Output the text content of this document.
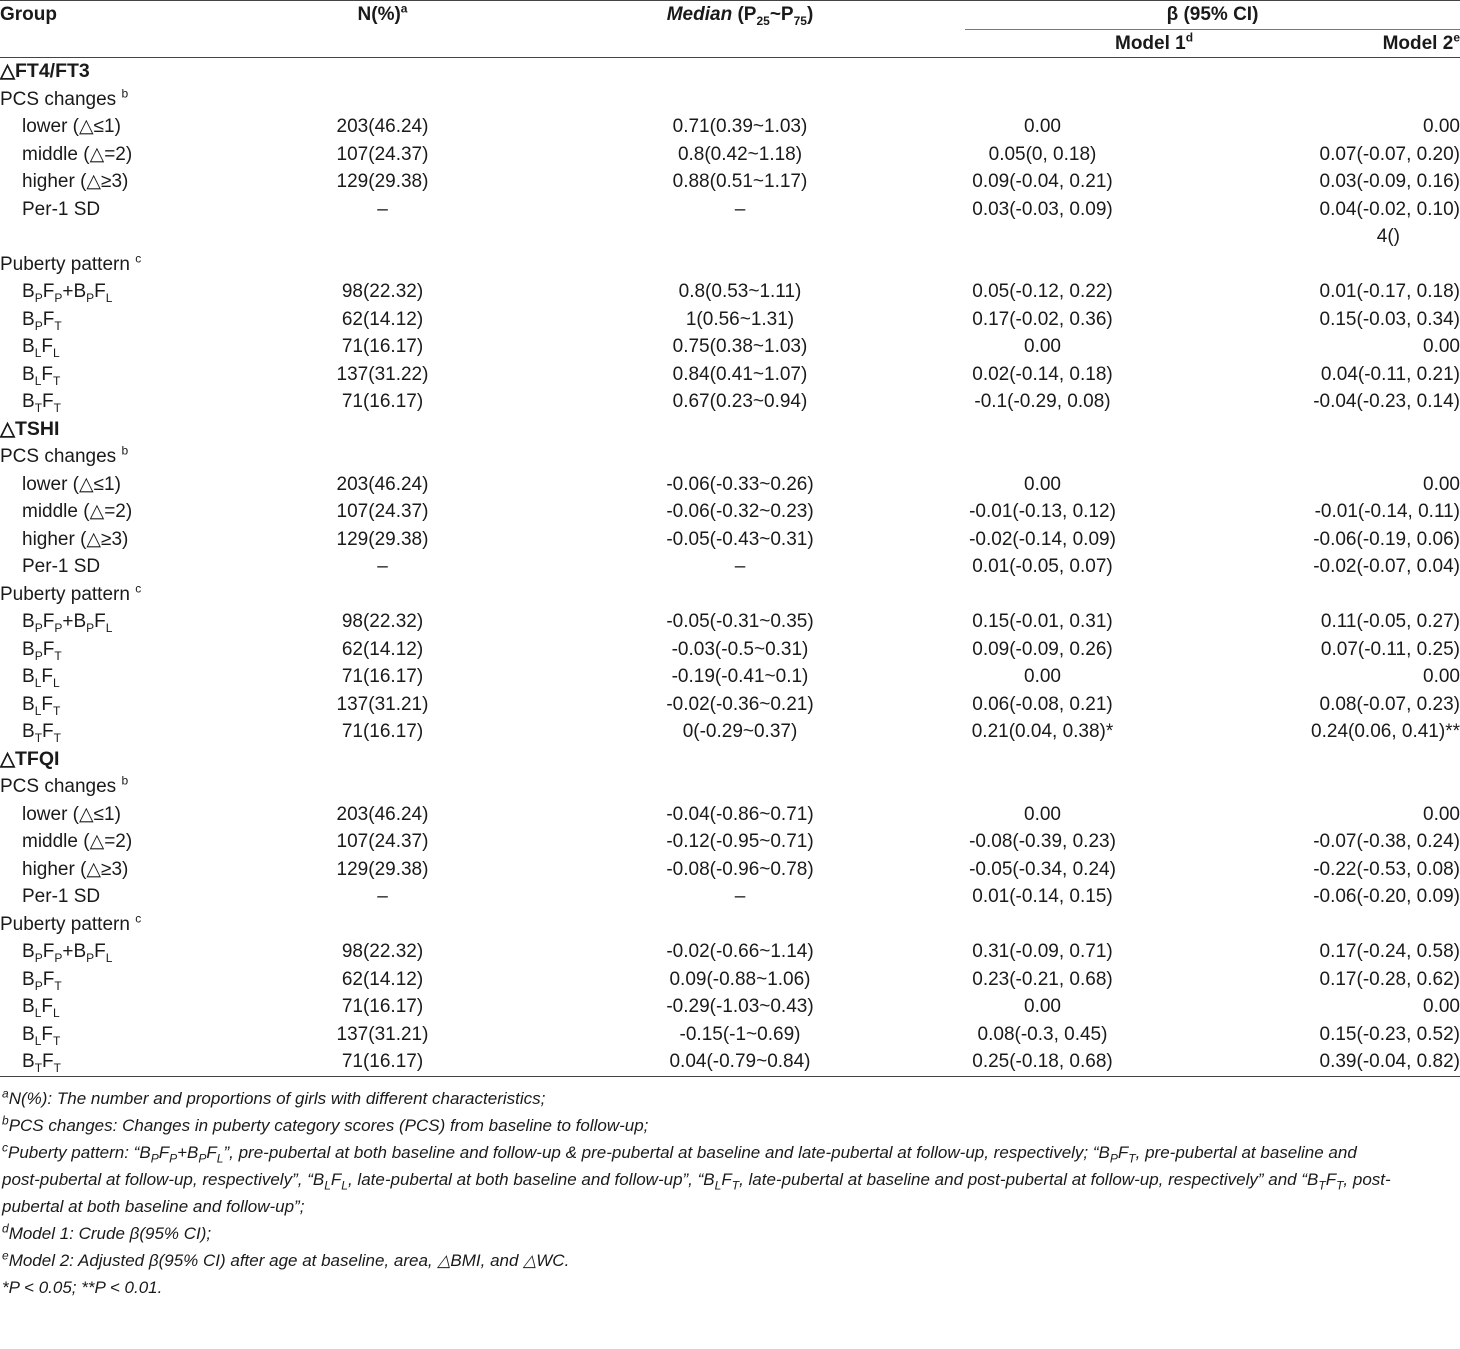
Group	N(%)$^a$	Median $(P_{25}\sim P_{75})$	β (95% CI)	
			Model 1$^d$	Model 2e
△FT4/FT3				
PCS changes $^b$				
lower (△≤1)	203(46.24)	0.71(0.39~1.03)	0.00	0.00
middle (△=2)	107(24.37)	0.8(0.42~1.18)	0.05(0, 0.18)	0.07(-0.07, 0.20)
higher (△≥3)	129(29.38)	0.88(0.51~1.17)	0.09(-0.04, 0.21)	0.03(-0.09, 0.16)
Per-1 SD	–	–	0.03(-0.03, 0.09)	0.04(-0.02, 0.10)
				4()
Puberty pattern $^c$				
$B_PF_P+B_PF_L$	98(22.32)	0.8(0.53~1.11)	0.05(-0.12, 0.22)	0.01(-0.17, 0.18)
$B_PF_T$	62(14.12)	1(0.56~1.31)	0.17(-0.02, 0.36)	0.15(-0.03, 0.34)
$B_LF_L$	71(16.17)	0.75(0.38~1.03)	0.00	0.00
$B_LF_T$	137(31.22)	0.84(0.41~1.07)	0.02(-0.14, 0.18)	0.04(-0.11, 0.21)
$B_TF_T$	71(16.17)	0.67(0.23~0.94)	-0.1(-0.29, 0.08)	-0.04(-0.23, 0.14)
△TSHI				
PCS changes $^b$				
lower (△≤1)	203(46.24)	-0.06(-0.33~0.26)	0.00	0.00
middle (△=2)	107(24.37)	-0.06(-0.32~0.23)	-0.01(-0.13, 0.12)	-0.01(-0.14, 0.11)
higher (△≥3)	129(29.38)	-0.05(-0.43~0.31)	-0.02(-0.14, 0.09)	-0.06(-0.19, 0.06)
Per-1 SD	–	–	0.01(-0.05, 0.07)	-0.02(-0.07, 0.04)
Puberty pattern $^c$				
$B_PF_P+B_PF_L$	98(22.32)	-0.05(-0.31~0.35)	0.15(-0.01, 0.31)	0.11(-0.05, 0.27)
$B_PF_T$	62(14.12)	-0.03(-0.5~0.31)	0.09(-0.09, 0.26)	0.07(-0.11, 0.25)
$B_LF_L$	71(16.17)	-0.19(-0.41~0.1)	0.00	0.00
$B_LF_T$	137(31.21)	-0.02(-0.36~0.21)	0.06(-0.08, 0.21)	0.08(-0.07, 0.23)
$B_TF_T$	71(16.17)	0(-0.29~0.37)	0.21(0.04, 0.38)*	0.24(0.06, 0.41)**
△TFQI				
PCS changes $^b$				
lower (△≤1)	203(46.24)	-0.04(-0.86~0.71)	0.00	0.00
middle (△=2)	107(24.37)	-0.12(-0.95~0.71)	-0.08(-0.39, 0.23)	-0.07(-0.38, 0.24)
higher (△≥3)	129(29.38)	-0.08(-0.96~0.78)	-0.05(-0.34, 0.24)	-0.22(-0.53, 0.08)
Per-1 SD	–	–	0.01(-0.14, 0.15)	-0.06(-0.20, 0.09)
Puberty pattern $^c$				
$B_PF_P+B_PF_L$	98(22.32)	-0.02(-0.66~1.14)	0.31(-0.09, 0.71)	0.17(-0.24, 0.58)
$B_PF_T$	62(14.12)	0.09(-0.88~1.06)	0.23(-0.21, 0.68)	0.17(-0.28, 0.62)
$B_LF_L$	71(16.17)	-0.29(-1.03~0.43)	0.00	0.00
$B_LF_T$	137(31.21)	-0.15(-1~0.69)	0.08(-0.3, 0.45)	0.15(-0.23, 0.52)
$B_TF_T$	71(16.17)	0.04(-0.79~0.84)	0.25(-0.18, 0.68)	0.39(-0.04, 0.82)
$^a$N(%): The number and proportions of girls with different characteristics;
$^b$PCS changes: Changes in puberty category scores (PCS) from baseline to follow-up;
$^c$Puberty pattern: “$B_PF_P+B_PF_L$”, pre-pubertal at both baseline and follow-up & pre-pubertal at baseline and late-pubertal at follow-up, respectively; “$B_PF_T$, pre-pubertal at baseline and
post-pubertal at follow-up, respectively”, “$B_LF_L$, late-pubertal at both baseline and follow-up”, “$B_LF_T$, late-pubertal at baseline and post-pubertal at follow-up, respectively” and “$B_TF_T$, post-
pubertal at both baseline and follow-up”;
$^d$Model 1: Crude β(95% CI);
$^e$Model 2: Adjusted β(95% CI) after age at baseline, area, △BMI, and △WC.
*P < 0.05; **P < 0.01.
